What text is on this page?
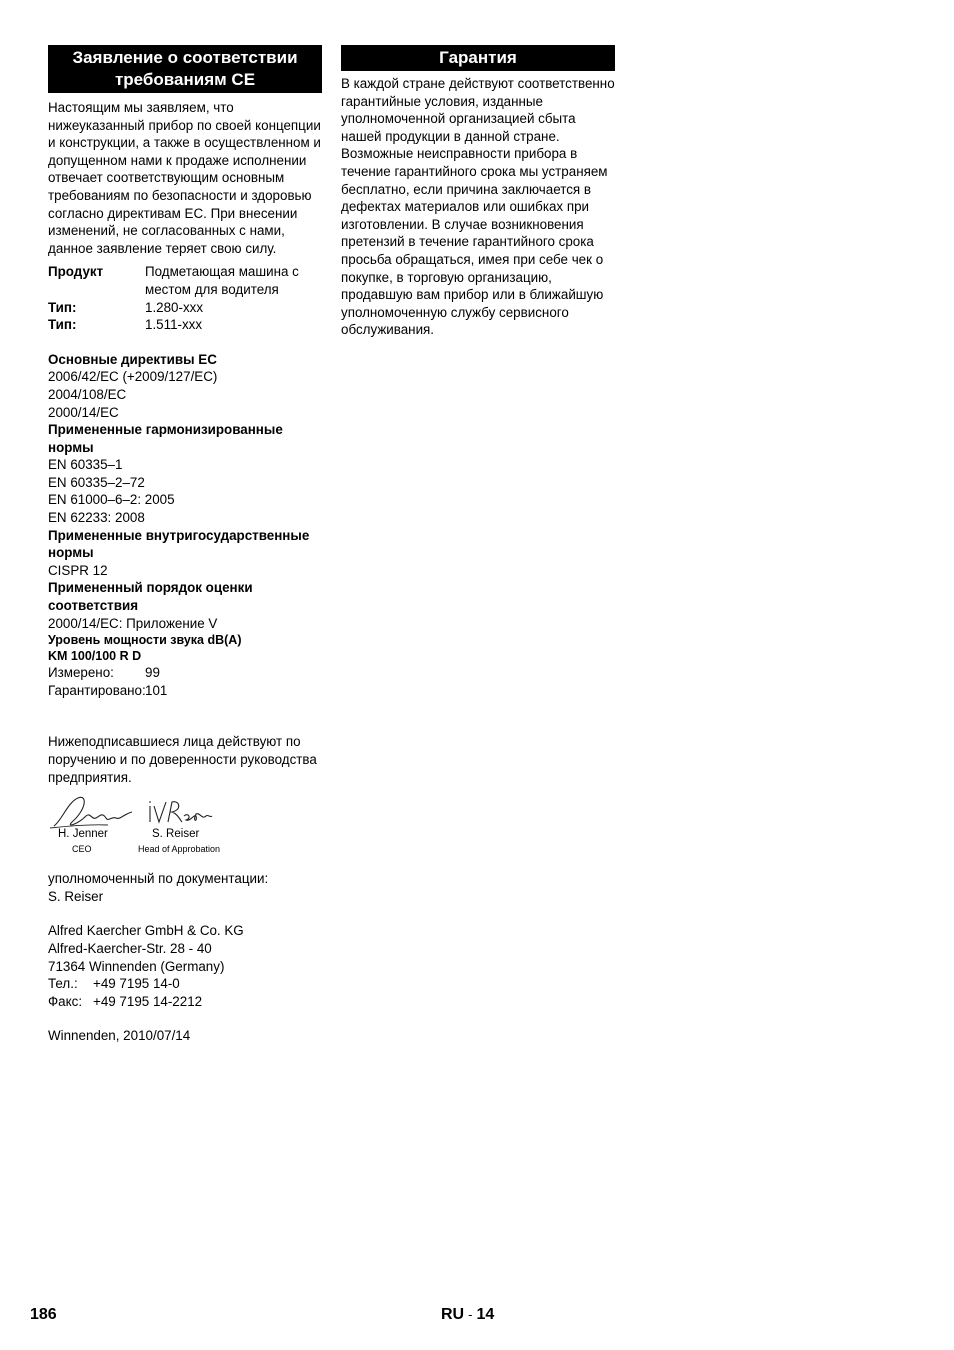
Заявление о соответствии требованиям CE

Настоящим мы заявляем, что нижеуказанный прибор по своей концепции и конструкции, а также в осуществленном и допущенном нами к продаже исполнении отвечает соответствующим основным требованиям по безопасности и здоровью согласно директивам ЕС. При внесении изменений, не согласованных с нами, данное заявление теряет свою силу.

Продукт	Подметающая машина с местом для водителя
Тип:	1.280-xxx
Тип:	1.511-xxx

Основные директивы ЕС

2006/42/EC (+2009/127/EC)

2004/108/EC

2000/14/EC

Примененные гармонизированные нормы

EN 60335–1

EN 60335–2–72

EN 61000–6–2: 2005

EN 62233: 2008

Примененные внутригосударственные нормы

CISPR 12

Примененный порядок оценки соответствия

2000/14/EC: Приложение V

Уровень мощности звука dB(A)

KM 100/100 R D

Измерено:	99
Гарантировано: 101

Нижеподписавшиеся лица действуют по поручению и по доверенности руководства предприятия.

H. Jenner
CEO
S. Reiser
Head of Approbation

уполномоченный по документации:

S. Reiser

Alfred Kaercher GmbH & Co. KG

Alfred-Kaercher-Str. 28 - 40

71364 Winnenden (Germany)

Тел.:	+49 7195 14-0
Факс: +49 7195 14-2212

Winnenden, 2010/07/14

Гарантия

В каждой стране действуют соответственно гарантийные условия, изданные уполномоченной организацией сбыта нашей продукции в данной стране. Возможные неисправности прибора в течение гарантийного срока мы устраняем бесплатно, если причина заключается в дефектах материалов или ошибках при изготовлении. В случае возникновения претензий в течение гарантийного срока просьба обращаться, имея при себе чек о покупке, в торговую организацию, продавшую вам прибор или в ближайшую уполномоченную службу сервисного обслуживания.

186	RU - 14
